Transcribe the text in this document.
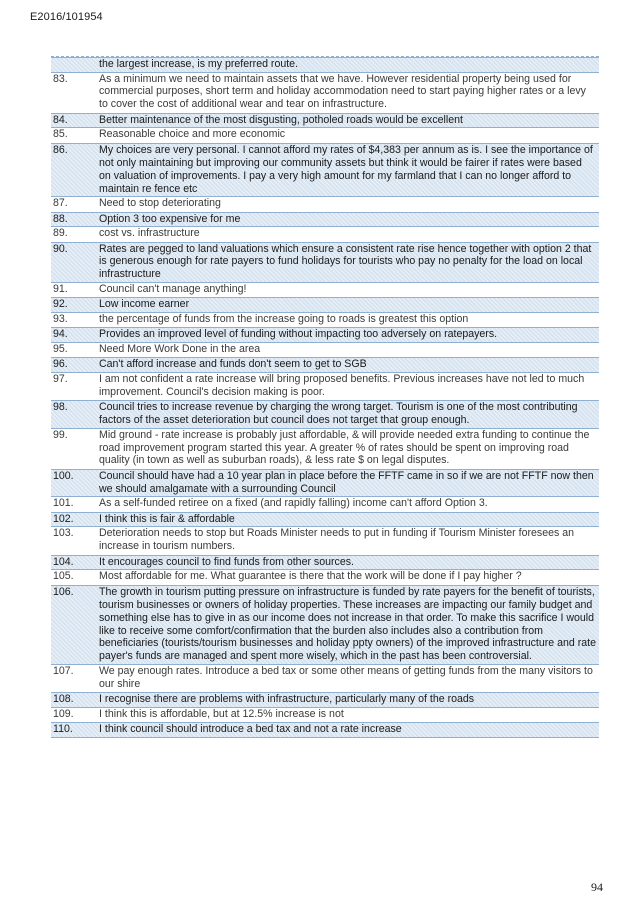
E2016/101954
the largest increase, is my preferred route.
83.	As a minimum we need to maintain assets that we have. However residential property being used for commercial purposes, short term and holiday accommodation need to start paying higher rates or a levy to cover the cost of additional wear and tear on infrastructure.
84.	Better maintenance of the most disgusting, potholed roads would be excellent
85.	Reasonable choice and more economic
86.	My choices are very personal. I cannot afford my rates of $4,383 per annum as is. I see the importance of not only maintaining but improving our community assets but think it would be fairer if rates were based on valuation of improvements. I pay a very high amount for my farmland that I can no longer afford to maintain re fence etc
87.	Need to stop deteriorating
88.	Option 3 too expensive for me
89.	cost vs. infrastructure
90.	Rates are pegged to land valuations which ensure a consistent rate rise hence together with option 2 that is generous enough for rate payers to fund holidays for tourists who pay no penalty for the load on local infrastructure
91.	Council can't manage anything!
92.	Low income earner
93.	the percentage of funds from the increase going to roads is greatest this option
94.	Provides an improved level of funding without impacting too adversely on ratepayers.
95.	Need More Work Done in the area
96.	Can't afford increase and funds don't seem to get to SGB
97.	I am not confident a rate increase will bring proposed benefits. Previous increases have not led to much improvement. Council's decision making is poor.
98.	Council tries to increase revenue by charging the wrong target. Tourism is one of the most contributing factors of the asset deterioration but council does not target that group enough.
99.	Mid ground - rate increase is probably just affordable, & will provide needed extra funding to continue the road improvement program started this year. A greater % of rates should be spent on improving road quality (in town as well as suburban roads), & less rate $ on legal disputes.
100.	Council should have had a 10 year plan in place before the FFTF came in so if we are not FFTF now then we should amalgamate with a surrounding Council
101.	As a self-funded retiree on a fixed (and rapidly falling) income can't afford Option 3.
102.	I think this is fair & affordable
103.	Deterioration needs to stop but Roads Minister needs to put in funding if Tourism Minister foresees an increase in tourism numbers.
104.	It encourages council to find funds from other sources.
105.	Most affordable for me. What guarantee is there that the work will be done if I pay higher ?
106.	The growth in tourism putting pressure on infrastructure is funded by rate payers for the benefit of tourists, tourism businesses or owners of holiday properties. These increases are impacting our family budget and something else has to give in as our income does not increase in that order. To make this sacrifice I would like to receive some comfort/confirmation that the burden also includes also a contribution from beneficiaries (tourists/tourism businesses and holiday ppty owners) of the improved infrastructure and rate payer's funds are managed and spent more wisely, which in the past has been controversial.
107.	We pay enough rates. Introduce a bed tax or some other means of getting funds from the many visitors to our shire
108.	I recognise there are problems with infrastructure, particularly many of the roads
109.	I think this is affordable, but at 12.5% increase is not
110.	I think council should introduce a bed tax and not a rate increase
94
